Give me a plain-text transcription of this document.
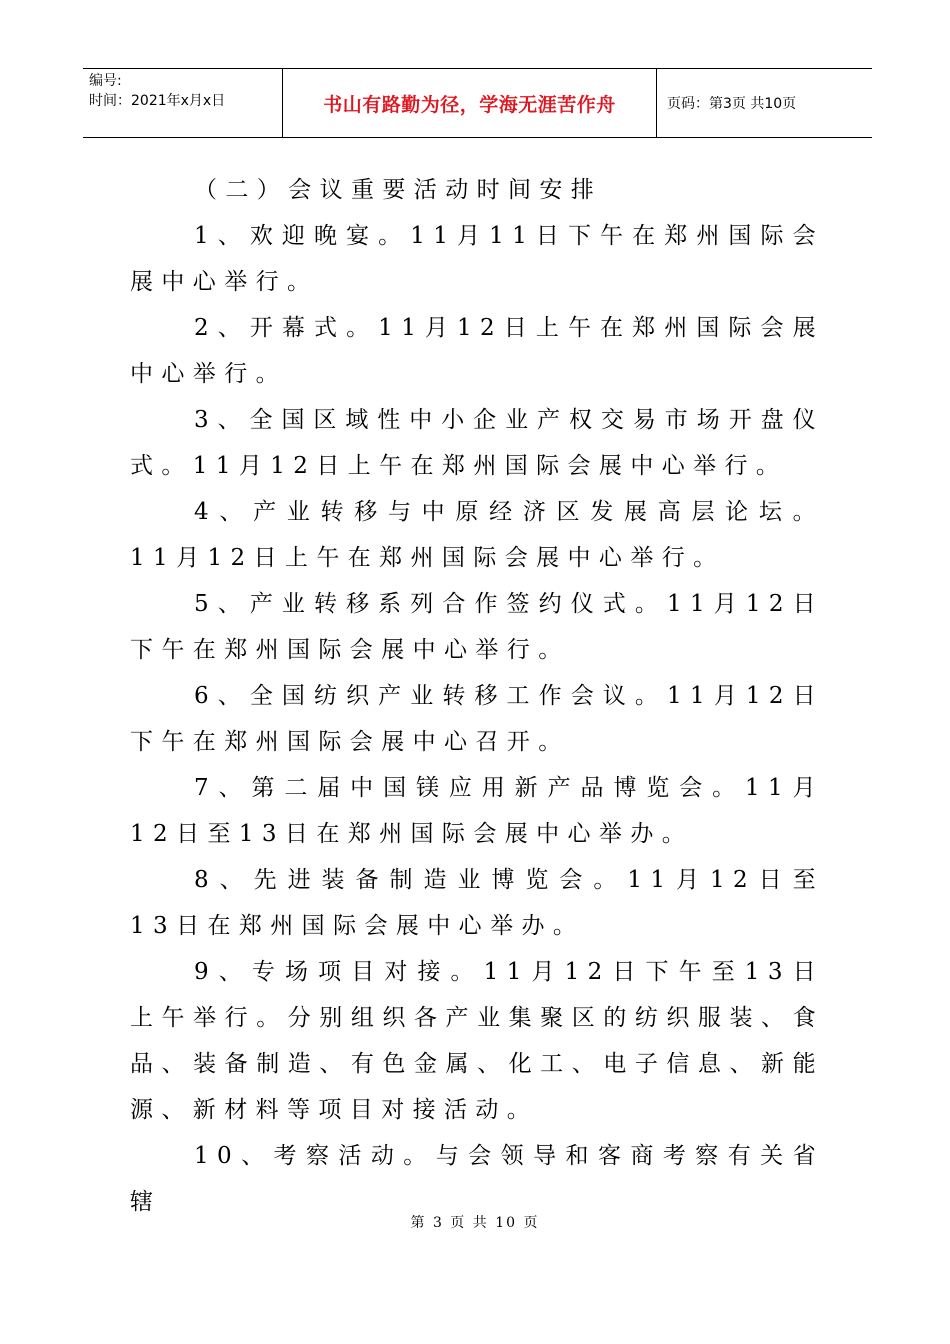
编号:
时间：2021年x月x日	书山有路勤为径，学海无涯苦作舟	页码：第3页 共10页

（二）会议重要活动时间安排

1、欢迎晚宴。11月11日下午在郑州国际会展中心举行。

2、开幕式。11月12日上午在郑州国际会展中心举行。

3、全国区域性中小企业产权交易市场开盘仪式。11月12日上午在郑州国际会展中心举行。

4、产业转移与中原经济区发展高层论坛。11月12日上午在郑州国际会展中心举行。

5、产业转移系列合作签约仪式。11月12日下午在郑州国际会展中心举行。

6、全国纺织产业转移工作会议。11月12日下午在郑州国际会展中心召开。

7、第二届中国镁应用新产品博览会。11月12日至13日在郑州国际会展中心举办。

8、先进装备制造业博览会。11月12日至13日在郑州国际会展中心举办。

9、专场项目对接。11月12日下午至13日上午举行。分别组织各产业集聚区的纺织服装、食品、装备制造、有色金属、化工、电子信息、新能源、新材料等项目对接活动。

10、考察活动。与会领导和客商考察有关省辖

第 3 页 共 10 页
